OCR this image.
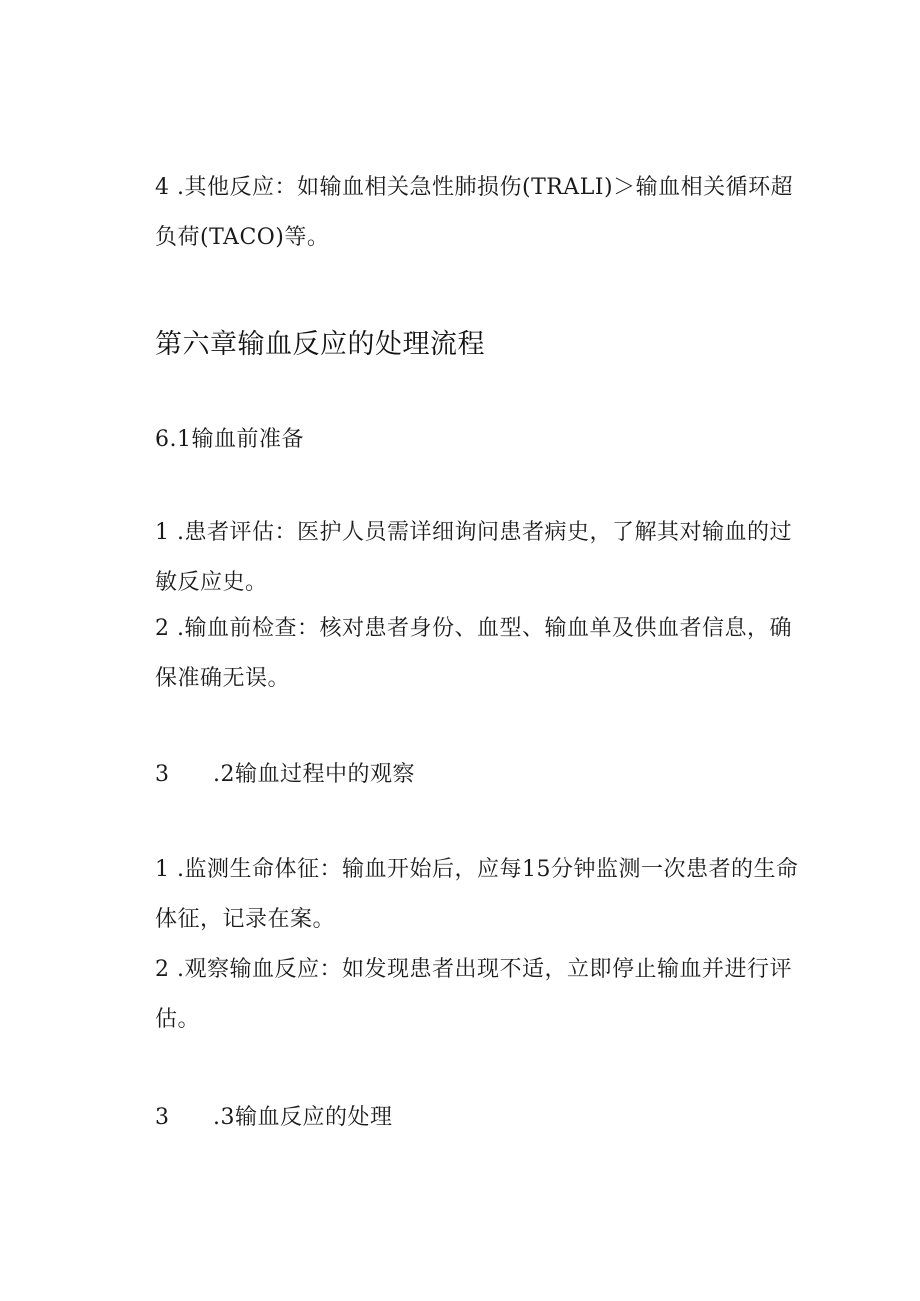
4 .其他反应：如输血相关急性肺损伤(TRALI)＞输血相关循环超
负荷(TACO)等。
第六章输血反应的处理流程
6.1输血前准备
1 .患者评估：医护人员需详细询问患者病史，了解其对输血的过
敏反应史。
2 .输血前检查：核对患者身份、血型、输血单及供血者信息，确
保准确无误。
3 .2输血过程中的观察
1 .监测生命体征：输血开始后，应每15分钟监测一次患者的生命
体征，记录在案。
2 .观察输血反应：如发现患者出现不适，立即停止输血并进行评
估。
3 .3输血反应的处理
